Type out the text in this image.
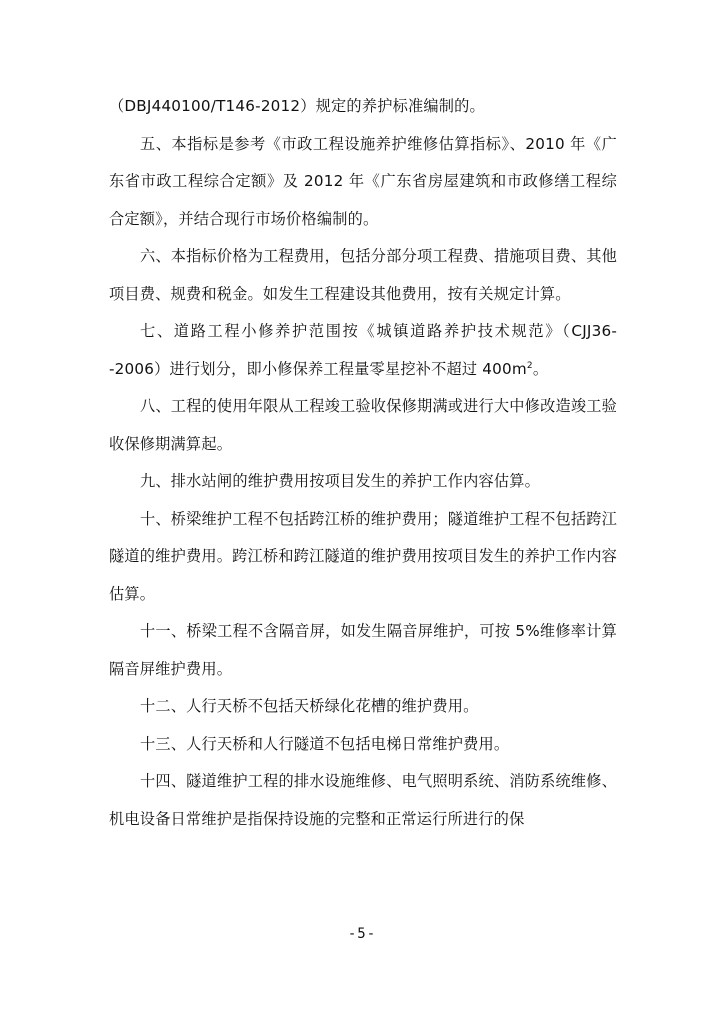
（DBJ440100/T146-2012）规定的养护标准编制的。

五、本指标是参考《市政工程设施养护维修估算指标》、2010 年《广东省市政工程综合定额》及 2012 年《广东省房屋建筑和市政修缮工程综合定额》，并结合现行市场价格编制的。

六、本指标价格为工程费用，包括分部分项工程费、措施项目费、其他项目费、规费和税金。如发生工程建设其他费用，按有关规定计算。

七、道路工程小修养护范围按《城镇道路养护技术规范》（CJJ36--2006）进行划分，即小修保养工程量零星挖补不超过 $400m^2$。

八、工程的使用年限从工程竣工验收保修期满或进行大中修改造竣工验收保修期满算起。

九、排水站闸的维护费用按项目发生的养护工作内容估算。

十、桥梁维护工程不包括跨江桥的维护费用；隧道维护工程不包括跨江隧道的维护费用。跨江桥和跨江隧道的维护费用按项目发生的养护工作内容估算。

十一、桥梁工程不含隔音屏，如发生隔音屏维护，可按 5%维修率计算隔音屏维护费用。

十二、人行天桥不包括天桥绿化花槽的维护费用。

十三、人行天桥和人行隧道不包括电梯日常维护费用。

十四、隧道维护工程的排水设施维修、电气照明系统、消防系统维修、机电设备日常维护是指保持设施的完整和正常运行所进行的保

-5-
